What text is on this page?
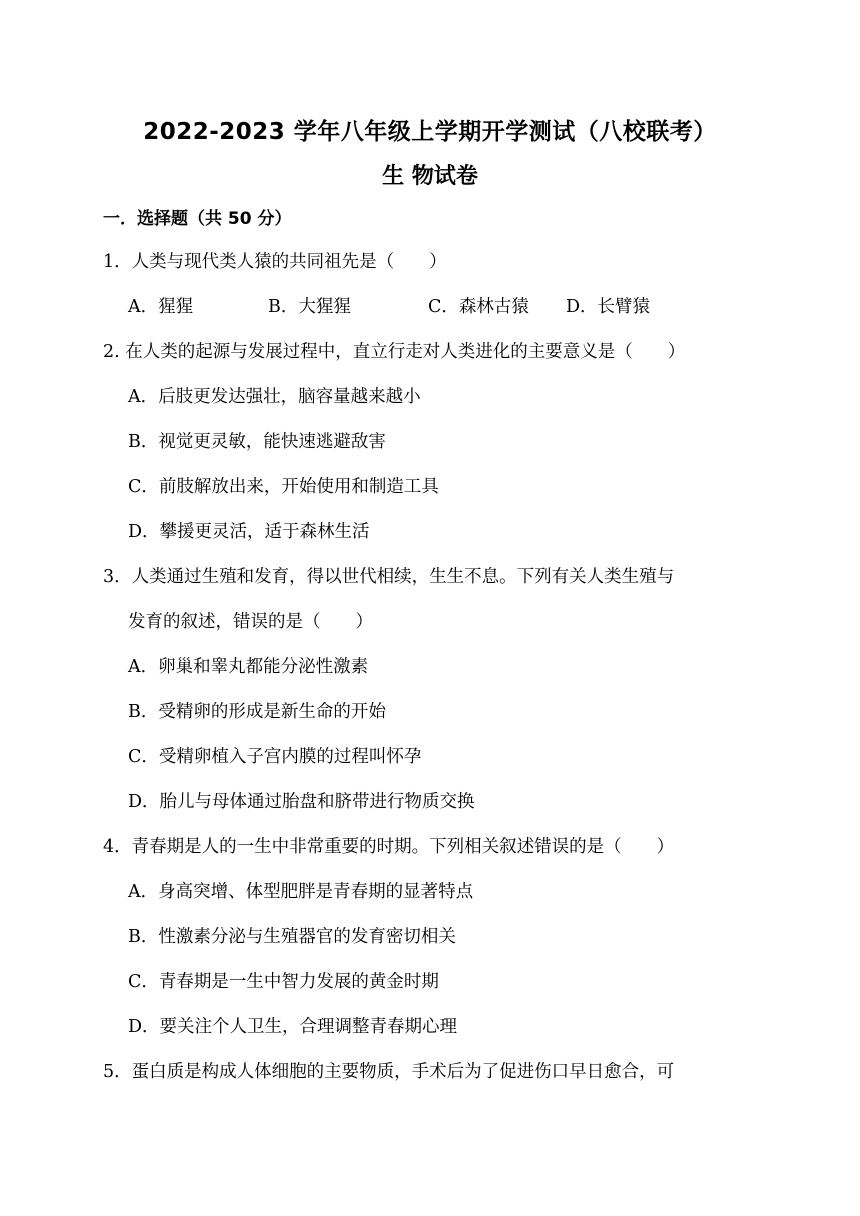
2022-2023 学年八年级上学期开学测试（八校联考）
生 物试卷
一．选择题（共 50 分）
1．人类与现代类人猿的共同祖先是（　　）
A．猩猩	B．大猩猩	C．森林古猿 D．长臂猿
2. 在人类的起源与发展过程中，直立行走对人类进化的主要意义是（　　）
A．后肢更发达强壮，脑容量越来越小
B．视觉更灵敏，能快速逃避敌害
C．前肢解放出来，开始使用和制造工具
D．攀援更灵活，适于森林生活
3．人类通过生殖和发育，得以世代相续，生生不息。下列有关人类生殖与
发育的叙述，错误的是（　　）
A．卵巢和睾丸都能分泌性激素
B．受精卵的形成是新生命的开始
C．受精卵植入子宫内膜的过程叫怀孕
D．胎儿与母体通过胎盘和脐带进行物质交换
4．青春期是人的一生中非常重要的时期。下列相关叙述错误的是（　　）
A．身高突增、体型肥胖是青春期的显著特点
B．性激素分泌与生殖器官的发育密切相关
C．青春期是一生中智力发展的黄金时期
D．要关注个人卫生，合理调整青春期心理
5．蛋白质是构成人体细胞的主要物质，手术后为了促进伤口早日愈合，可
